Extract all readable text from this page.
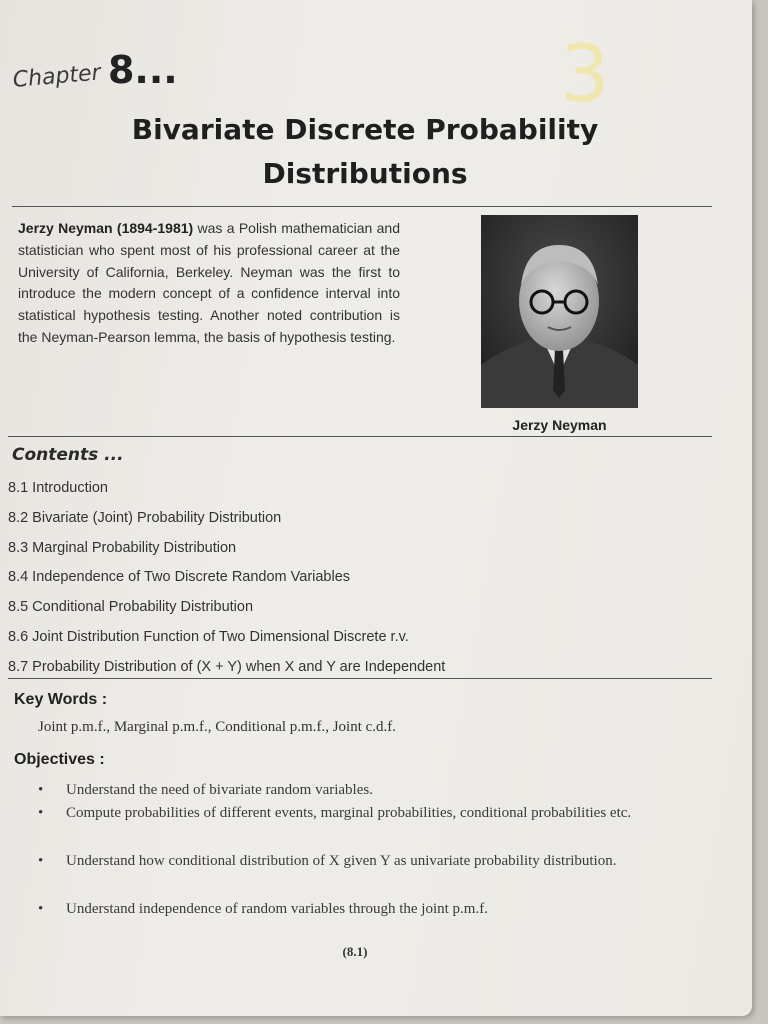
3
Chapter 8...
Bivariate Discrete Probability
Distributions
Jerzy Neyman (1894-1981) was a Polish mathematician and statistician who spent most of his professional career at the University of California, Berkeley. Neyman was the first to introduce the modern concept of a confidence interval into statistical hypothesis testing. Another noted contribution is the Neyman-Pearson lemma, the basis of hypothesis testing.
Jerzy Neyman
Contents ...
8.1 Introduction
8.2 Bivariate (Joint) Probability Distribution
8.3 Marginal Probability Distribution
8.4 Independence of Two Discrete Random Variables
8.5 Conditional Probability Distribution
8.6 Joint Distribution Function of Two Dimensional Discrete r.v.
8.7 Probability Distribution of (X + Y) when X and Y are Independent
Key Words :
Joint p.m.f., Marginal p.m.f., Conditional p.m.f., Joint c.d.f.
Objectives :
• Understand the need of bivariate random variables.
• Compute probabilities of different events, marginal probabilities, conditional probabilities etc.
• Understand how conditional distribution of X given Y as univariate probability distribution.
• Understand independence of random variables through the joint p.m.f.
(8.1)
